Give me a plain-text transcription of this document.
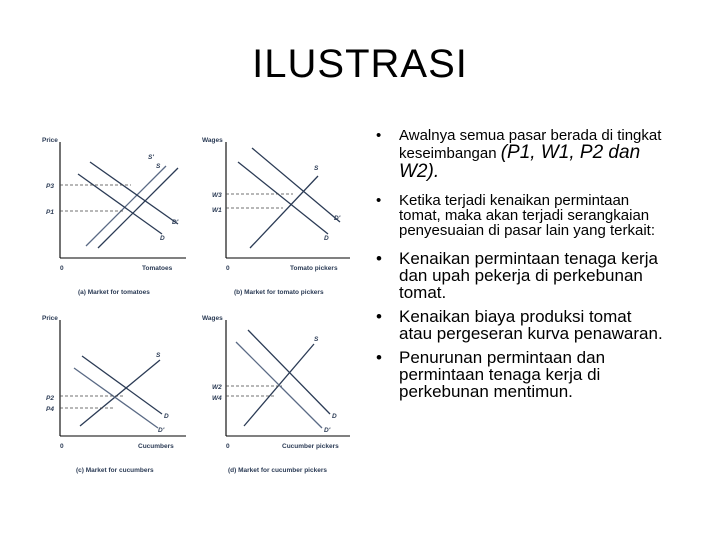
ILUSTRASI
Price
0	Tomatoes
P3
P1
S'
S
D'
D
(a) Market for tomatoes
Wages
0	Tomato pickers
W3
W1
S
D'
D
(b) Market for tomato pickers
Price
0	Cucumbers
P2
P4
S
D
D'
(c) Market for cucumbers
Wages
0	Cucumber pickers
W2
W4
S
D
D'
(d) Market for cucumber pickers
• Awalnya semua pasar berada di tingkat keseimbangan (P1, W1, P2 dan W2).
• Ketika terjadi kenaikan permintaan tomat, maka akan terjadi serangkaian penyesuaian di pasar lain yang terkait:
• Kenaikan permintaan tenaga kerja dan upah pekerja di perkebunan tomat.
• Kenaikan biaya produksi tomat atau pergeseran kurva penawaran.
• Penurunan permintaan dan permintaan tenaga kerja di perkebunan mentimun.
